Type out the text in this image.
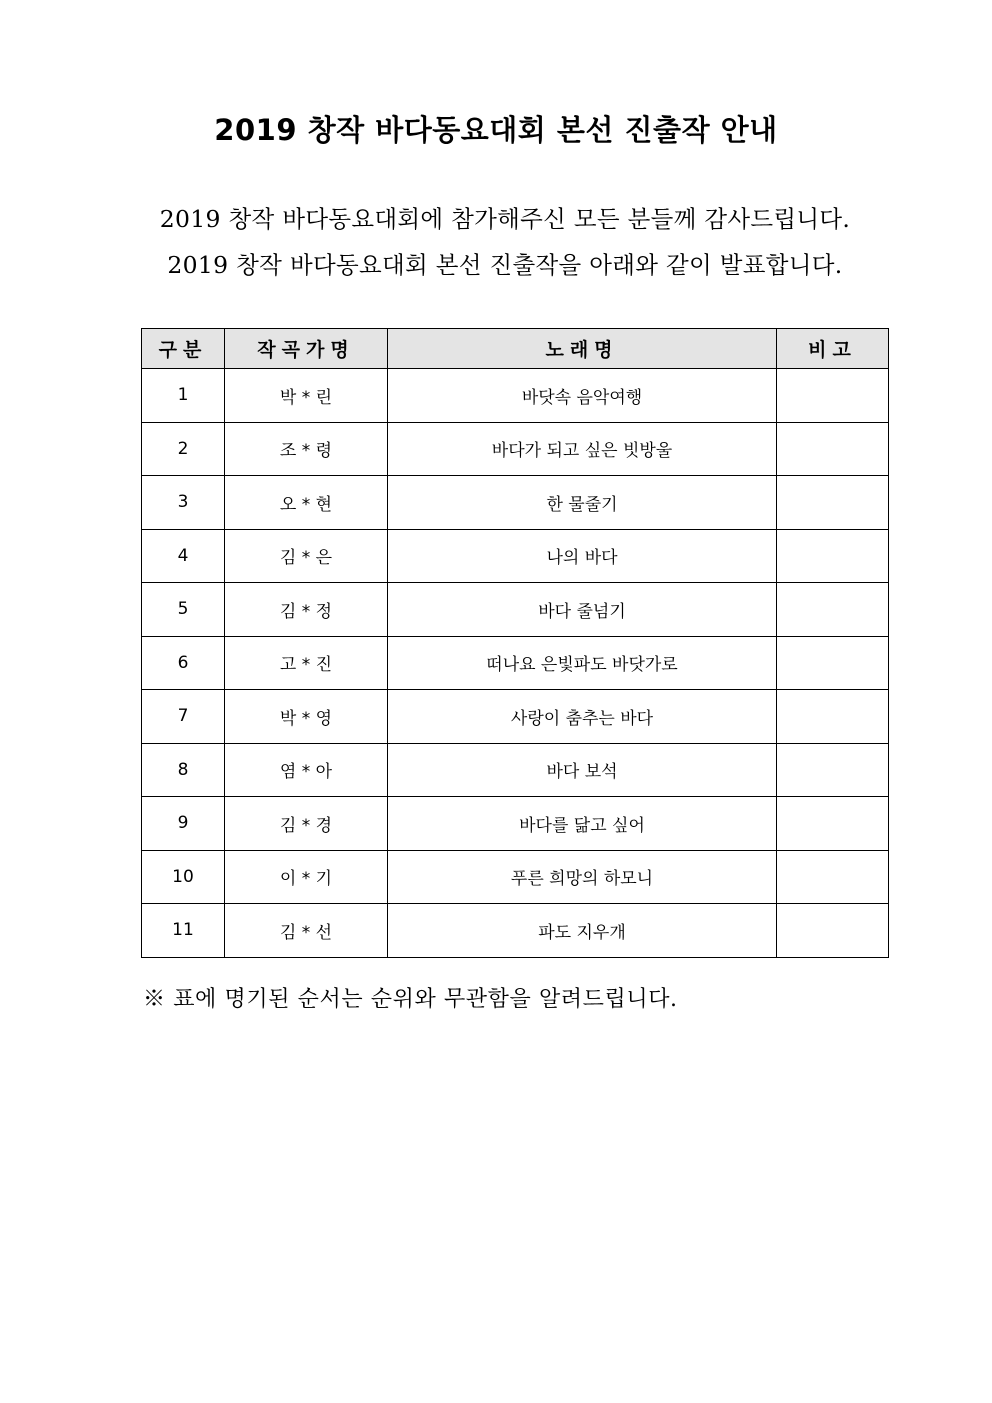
2019 창작 바다동요대회 본선 진출작 안내
2019 창작 바다동요대회에 참가해주신 모든 분들께 감사드립니다.
2019 창작 바다동요대회 본선 진출작을 아래와 같이 발표합니다.
구분	작곡가명	노래명	비고
1	박 * 린	바닷속 음악여행	
2	조 * 령	바다가 되고 싶은 빗방울	
3	오 * 현	한 물줄기	
4	김 * 은	나의 바다	
5	김 * 정	바다 줄넘기	
6	고 * 진	떠나요 은빛파도 바닷가로	
7	박 * 영	사랑이 춤추는 바다	
8	염 * 아	바다 보석	
9	김 * 경	바다를 닮고 싶어	
10	이 * 기	푸른 희망의 하모니	
11	김 * 선	파도 지우개	
※ 표에 명기된 순서는 순위와 무관함을 알려드립니다.
